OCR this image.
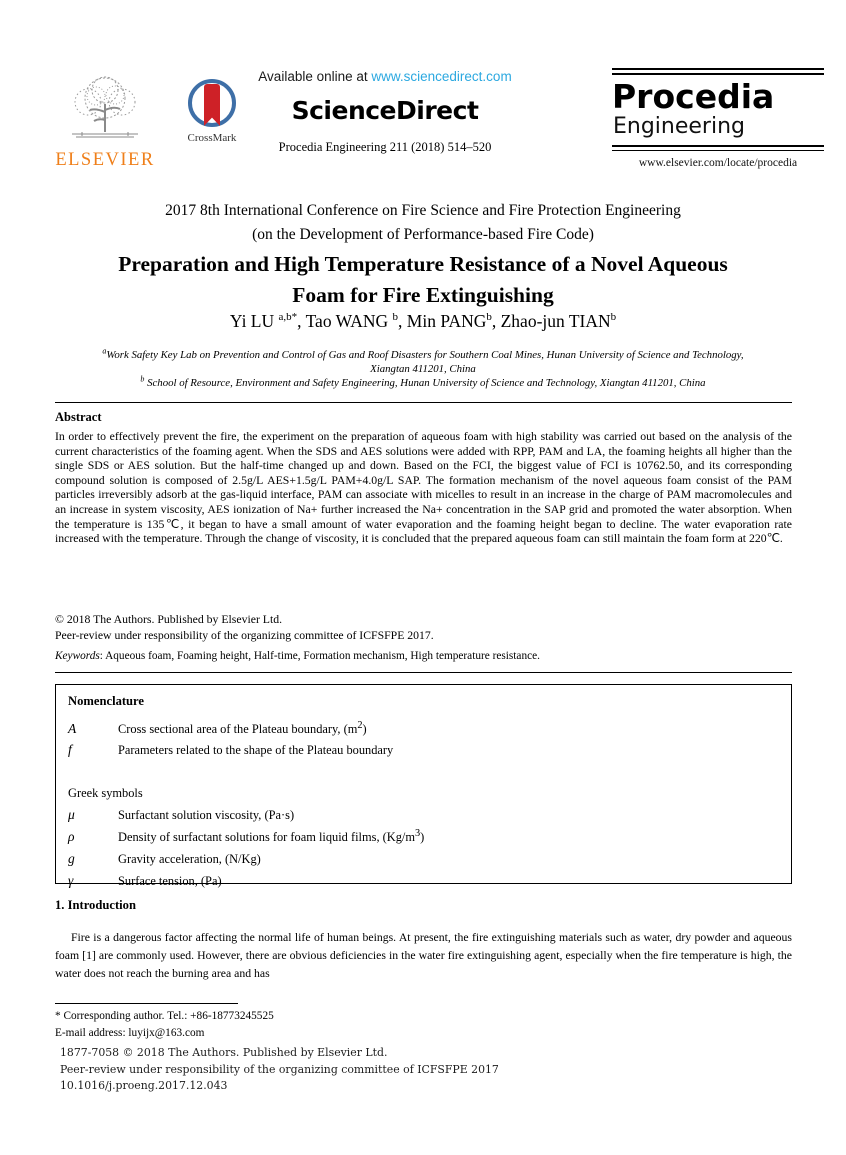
ELSEVIER
CrossMark
Available online at www.sciencedirect.com
ScienceDirect
Procedia Engineering 211 (2018) 514–520
Procedia
Engineering
www.elsevier.com/locate/procedia
2017 8th International Conference on Fire Science and Fire Protection Engineering
(on the Development of Performance-based Fire Code)
Preparation and High Temperature Resistance of a Novel Aqueous
Foam for Fire Extinguishing
Yi LU $^{a,b*}$, Tao WANG $^b$, Min PANG$^b$, Zhao-jun TIAN$^b$
$^a$Work Safety Key Lab on Prevention and Control of Gas and Roof Disasters for Southern Coal Mines, Hunan University of Science and Technology,
Xiangtan 411201, China
$^b$ School of Resource, Environment and Safety Engineering, Hunan University of Science and Technology, Xiangtan 411201, China
Abstract
In order to effectively prevent the fire, the experiment on the preparation of aqueous foam with high stability was carried out based on the analysis of the current characteristics of the foaming agent. When the SDS and AES solutions were added with RPP, PAM and LA, the foaming heights all higher than the single SDS or AES solution. But the half-time changed up and down. Based on the FCI, the biggest value of FCI is 10762.50, and its corresponding compound solution is composed of 2.5g/L AES+1.5g/L PAM+4.0g/L SAP. The formation mechanism of the novel aqueous foam consist of the PAM particles irreversibly adsorb at the gas-liquid interface, PAM can associate with micelles to result in an increase in the charge of PAM macromolecules and an increase in system viscosity, AES ionization of Na+ further increased the Na+ concentration in the SAP grid and promoted the water absorption. When the temperature is 135℃, it began to have a small amount of water evaporation and the foaming height began to decline. The water evaporation rate increased with the temperature. Through the change of viscosity, it is concluded that the prepared aqueous foam can still maintain the foam form at 220℃.
© 2018 The Authors. Published by Elsevier Ltd.
Peer-review under responsibility of the organizing committee of ICFSFPE 2017.
Keywords: Aqueous foam, Foaming height, Half-time, Formation mechanism, High temperature resistance.
Nomenclature
A	Cross sectional area of the Plateau boundary, $(m^2)$
f	Parameters related to the shape of the Plateau boundary
Greek symbols
μ	Surfactant solution viscosity, (Pa·s)
ρ	Density of surfactant solutions for foam liquid films, $(Kg/m^3)$
g	Gravity acceleration, (N/Kg)
γ	Surface tension, (Pa)
1. Introduction
Fire is a dangerous factor affecting the normal life of human beings. At present, the fire extinguishing materials such as water, dry powder and aqueous foam [1] are commonly used. However, there are obvious deficiencies in the water fire extinguishing agent, especially when the fire temperature is high, the water does not reach the burning area and has
* Corresponding author. Tel.: +86-18773245525
E-mail address: luyijx@163.com
1877-7058 © 2018 The Authors. Published by Elsevier Ltd.
Peer-review under responsibility of the organizing committee of ICFSFPE 2017
10.1016/j.proeng.2017.12.043
